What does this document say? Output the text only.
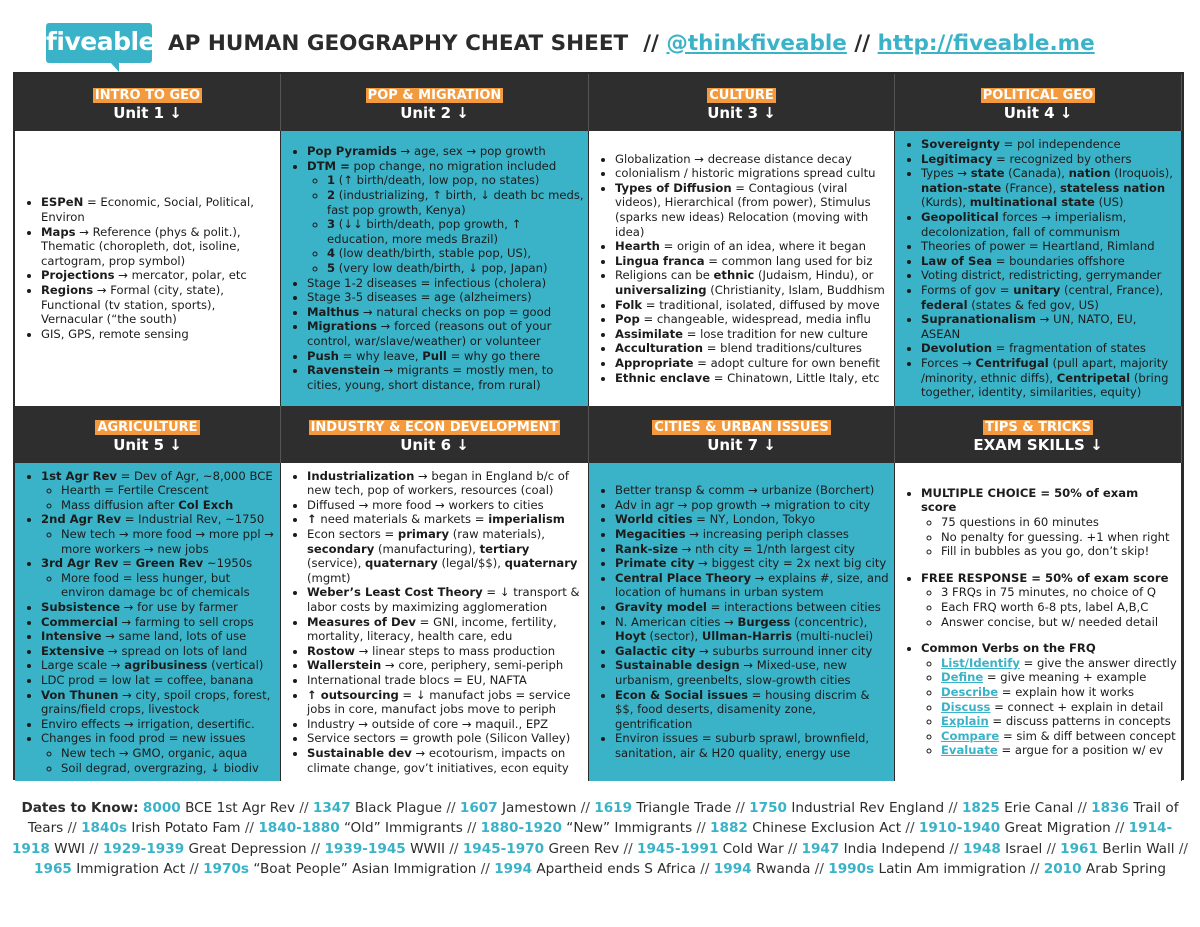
fiveable AP HUMAN GEOGRAPHY CHEAT SHEET // @thinkfiveable // http://fiveable.me
INTRO TO GEO
Unit 1 ↓
POP & MIGRATION
Unit 2 ↓
CULTURE
Unit 3 ↓
POLITICAL GEO
Unit 4 ↓
• ESPeN = Economic, Social, Political, Environ
• Maps → Reference (phys & polit.), Thematic (choropleth, dot, isoline, cartogram, prop symbol)
• Projections → mercator, polar, etc
• Regions → Formal (city, state), Functional (tv station, sports), Vernacular (“the south)
• GIS, GPS, remote sensing
• Pop Pyramids → age, sex → pop growth
• DTM = pop change, no migration included
◦ 1 (↑ birth/death, low pop, no states)
◦ 2 (industrializing, ↑ birth, ↓ death bc meds, fast pop growth, Kenya)
◦ 3 (↓↓ birth/death, pop growth, ↑ education, more meds Brazil)
◦ 4 (low death/birth, stable pop, US),
◦ 5 (very low death/birth, ↓ pop, Japan)
• Stage 1-2 diseases = infectious (cholera)
• Stage 3-5 diseases = age (alzheimers)
• Malthus → natural checks on pop = good
• Migrations → forced (reasons out of your control, war/slave/weather) or volunteer
• Push = why leave, Pull = why go there
• Ravenstein → migrants = mostly men, to cities, young, short distance, from rural)
• Globalization → decrease distance decay
• colonialism / historic migrations spread cultu
• Types of Diffusion = Contagious (viral videos), Hierarchical (from power), Stimulus (sparks new ideas) Relocation (moving with idea)
• Hearth = origin of an idea, where it began
• Lingua franca = common lang used for biz
• Religions can be ethnic (Judaism, Hindu), or universalizing (Christianity, Islam, Buddhism
• Folk = traditional, isolated, diffused by move
• Pop = changeable, widespread, media influ
• Assimilate = lose tradition for new culture
• Acculturation = blend traditions/cultures
• Appropriate = adopt culture for own benefit
• Ethnic enclave = Chinatown, Little Italy, etc
• Sovereignty = pol independence
• Legitimacy = recognized by others
• Types → state (Canada), nation (Iroquois), nation-state (France), stateless nation (Kurds), multinational state (US)
• Geopolitical forces → imperialism, decolonization, fall of communism
• Theories of power = Heartland, Rimland
• Law of Sea = boundaries offshore
• Voting district, redistricting, gerrymander
• Forms of gov = unitary (central, France), federal (states & fed gov, US)
• Supranationalism → UN, NATO, EU, ASEAN
• Devolution = fragmentation of states
• Forces → Centrifugal (pull apart, majority /minority, ethnic diffs), Centripetal (bring together, identity, similarities, equity)
AGRICULTURE
Unit 5 ↓
INDUSTRY & ECON DEVELOPMENT
Unit 6 ↓
CITIES & URBAN ISSUES
Unit 7 ↓
TIPS & TRICKS
EXAM SKILLS ↓
• 1st Agr Rev = Dev of Agr, ~8,000 BCE
◦ Hearth = Fertile Crescent
◦ Mass diffusion after Col Exch
• 2nd Agr Rev = Industrial Rev, ~1750
◦ New tech → more food → more ppl → more workers → new jobs
• 3rd Agr Rev = Green Rev ~1950s
◦ More food = less hunger, but environ damage bc of chemicals
• Subsistence → for use by farmer
• Commercial → farming to sell crops
• Intensive → same land, lots of use
• Extensive → spread on lots of land
• Large scale → agribusiness (vertical)
• LDC prod = low lat = coffee, banana
• Von Thunen → city, spoil crops, forest, grains/field crops, livestock
• Enviro effects → irrigation, desertific.
• Changes in food prod = new issues
◦ New tech → GMO, organic, aqua
◦ Soil degrad, overgrazing, ↓ biodiv
• Industrialization → began in England b/c of new tech, pop of workers, resources (coal)
• Diffused → more food → workers to cities
• ↑ need materials & markets = imperialism
• Econ sectors = primary (raw materials), secondary (manufacturing), tertiary (service), quaternary (legal/$$), quaternary (mgmt)
• Weber’s Least Cost Theory = ↓ transport & labor costs by maximizing agglomeration
• Measures of Dev = GNI, income, fertility, mortality, literacy, health care, edu
• Rostow → linear steps to mass production
• Wallerstein → core, periphery, semi-periph
• International trade blocs = EU, NAFTA
• ↑ outsourcing = ↓ manufact jobs = service jobs in core, manufact jobs move to periph
• Industry → outside of core → maquil., EPZ
• Service sectors = growth pole (Silicon Valley)
• Sustainable dev → ecotourism, impacts on climate change, gov’t initiatives, econ equity
• Better transp & comm → urbanize (Borchert)
• Adv in agr → pop growth → migration to city
• World cities = NY, London, Tokyo
• Megacities → increasing periph classes
• Rank-size → nth city = 1/nth largest city
• Primate city → biggest city = 2x next big city
• Central Place Theory → explains #, size, and location of humans in urban system
• Gravity model = interactions between cities
• N. American cities → Burgess (concentric), Hoyt (sector), Ullman-Harris (multi-nuclei)
• Galactic city → suburbs surround inner city
• Sustainable design → Mixed-use, new urbanism, greenbelts, slow-growth cities
• Econ & Social issues = housing discrim & $$, food deserts, disamenity zone, gentrification
• Environ issues = suburb sprawl, brownfield, sanitation, air & H20 quality, energy use
• MULTIPLE CHOICE = 50% of exam score
◦ 75 questions in 60 minutes
◦ No penalty for guessing. +1 when right
◦ Fill in bubbles as you go, don’t skip!
• FREE RESPONSE = 50% of exam score
◦ 3 FRQs in 75 minutes, no choice of Q
◦ Each FRQ worth 6-8 pts, label A,B,C
◦ Answer concise, but w/ needed detail
• Common Verbs on the FRQ
◦ List/Identify = give the answer directly
◦ Define = give meaning + example
◦ Describe = explain how it works
◦ Discuss = connect + explain in detail
◦ Explain = discuss patterns in concepts
◦ Compare = sim & diff between concept
◦ Evaluate = argue for a position w/ ev
Dates to Know: 8000 BCE 1st Agr Rev // 1347 Black Plague // 1607 Jamestown // 1619 Triangle Trade // 1750 Industrial Rev England // 1825 Erie Canal // 1836 Trail of Tears // 1840s Irish Potato Fam // 1840-1880 “Old” Immigrants // 1880-1920 “New” Immigrants // 1882 Chinese Exclusion Act // 1910-1940 Great Migration // 1914-1918 WWI // 1929-1939 Great Depression // 1939-1945 WWII // 1945-1970 Green Rev // 1945-1991 Cold War // 1947 India Independ // 1948 Israel // 1961 Berlin Wall // 1965 Immigration Act // 1970s “Boat People” Asian Immigration // 1994 Apartheid ends S Africa // 1994 Rwanda // 1990s Latin Am immigration // 2010 Arab Spring
